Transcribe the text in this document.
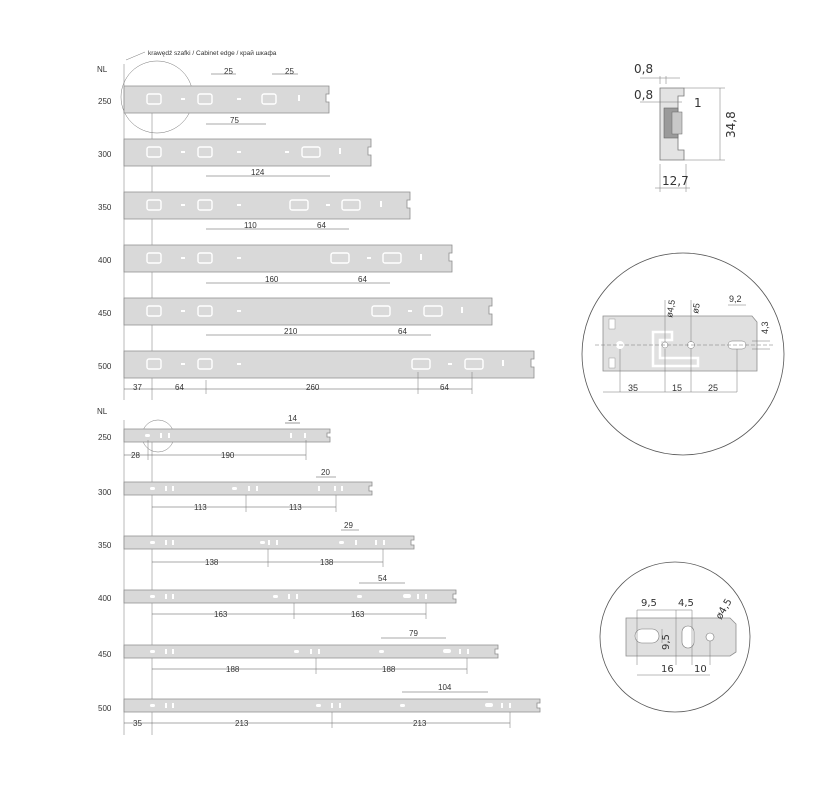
NL
krawędź szafki / Cabinet edge / край шкафа
250
25	25
75
300
124
350
110	64
400
160	64
450
210	64
500
37	64	260	64
NL
250
14
28	190
300
20
113	113
350
29
138	138
400
54
163	163
450
79
188	188
500
104
35	213	213
0,8
0,8
1
34,8
12,7
ø4,5 ø5
9,2
4,3
35	15	25
9,5 4,5 ø4,5
9,5
16 10
